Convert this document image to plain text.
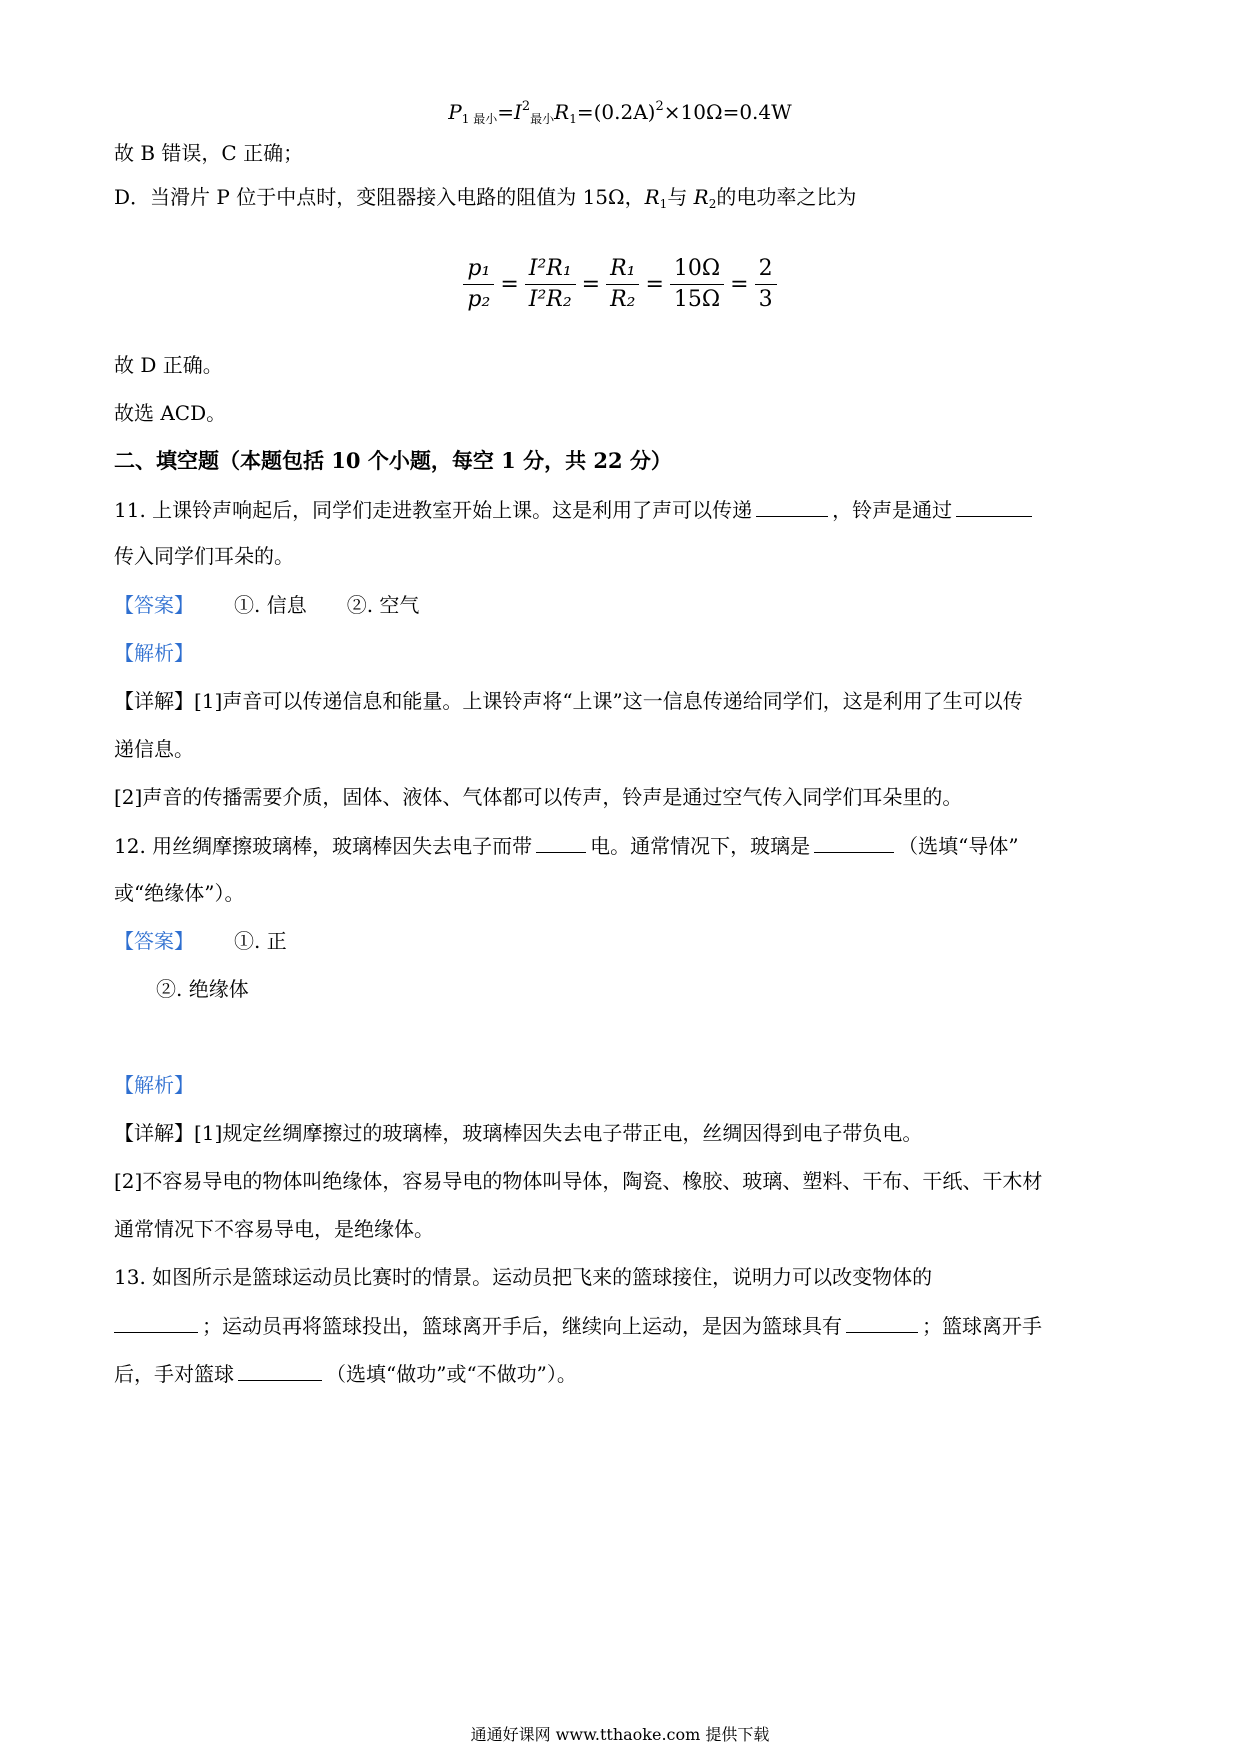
$P_{1 最小}=I^2_{最小}R_1=(0.2A)^2\times 10\Omega=0.4W$
故 B 错误，C 正确；
D．当滑片 P 位于中点时，变阻器接入电路的阻值为 15Ω，$R_1$与 $R_2$的电功率之比为
$\frac{\text{p₁}}{\text{p₂}} = \frac{\text{I²R₁}}{\text{I²R₂}} = \frac{\text{R₁}}{\text{R₂}} = \frac{10\Omega}{15\Omega} = \frac{2}{3}$
故 D 正确。
故选 ACD。
二、填空题（本题包括 10 个小题，每空 1 分，共 22 分）
11. 上课铃声响起后，同学们走进教室开始上课。这是利用了声可以传递	，铃声是通过
传入同学们耳朵的。
【答案】 ①. 信息 ②. 空气
【解析】
【详解】[1]声音可以传递信息和能量。上课铃声将“上课”这一信息传递给同学们，这是利用了生可以传
递信息。
[2]声音的传播需要介质，固体、液体、气体都可以传声，铃声是通过空气传入同学们耳朵里的。
12. 用丝绸摩擦玻璃棒，玻璃棒因失去电子而带	电。通常情况下，玻璃是	（选填“导体”
或“绝缘体”）。
【答案】 ①. 正
②. 绝缘体
【解析】
【详解】[1]规定丝绸摩擦过的玻璃棒，玻璃棒因失去电子带正电，丝绸因得到电子带负电。
[2]不容易导电的物体叫绝缘体，容易导电的物体叫导体，陶瓷、橡胶、玻璃、塑料、干布、干纸、干木材
通常情况下不容易导电，是绝缘体。
13. 如图所示是篮球运动员比赛时的情景。运动员把飞来的篮球接住，说明力可以改变物体的
；运动员再将篮球投出，篮球离开手后，继续向上运动，是因为篮球具有	；篮球离开手
后，手对篮球	（选填“做功”或“不做功”）。
通通好课网 www.tthaoke.com 提供下载
